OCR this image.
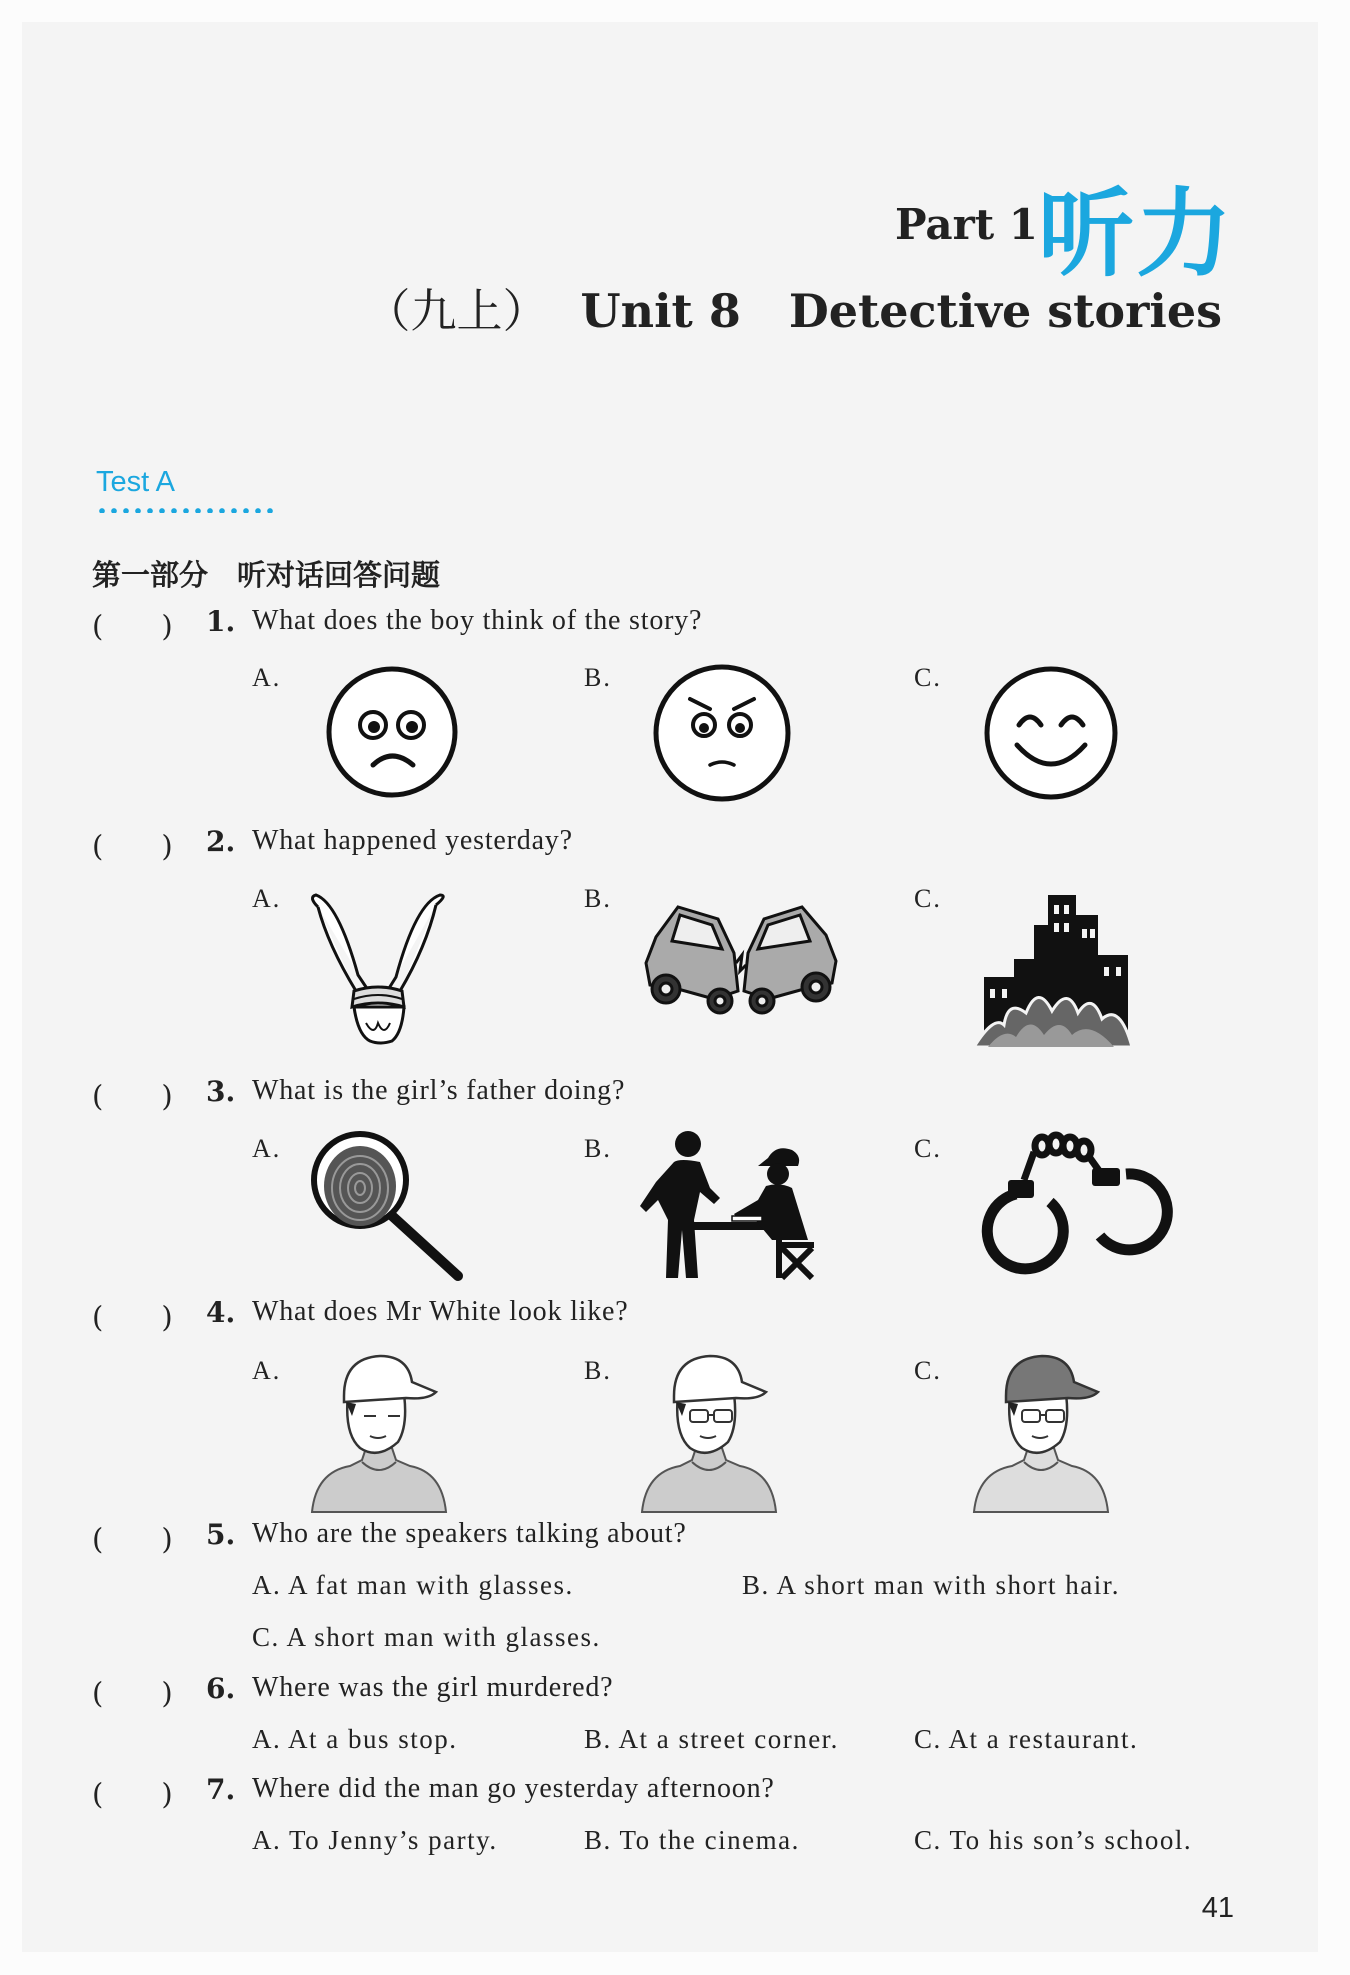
Part 1 听力
（九上） Unit 8 Detective stories
Test A
第一部分　听对话回答问题
(　　) 1. What does the boy think of the story?
A.	B.	C.
(　　) 2. What happened yesterday?
A.	B.	C.
(　　) 3. What is the girl’s father doing?
A.	B.	C.
(　　) 4. What does Mr White look like?
A.	B.	C.
(　　) 5. Who are the speakers talking about?
A. A fat man with glasses.	B. A short man with short hair.
C. A short man with glasses.
(　　) 6. Where was the girl murdered?
A. At a bus stop.	B. At a street corner.	C. At a restaurant.
(　　) 7. Where did the man go yesterday afternoon?
A. To Jenny’s party.	B. To the cinema.	C. To his son’s school.
41
